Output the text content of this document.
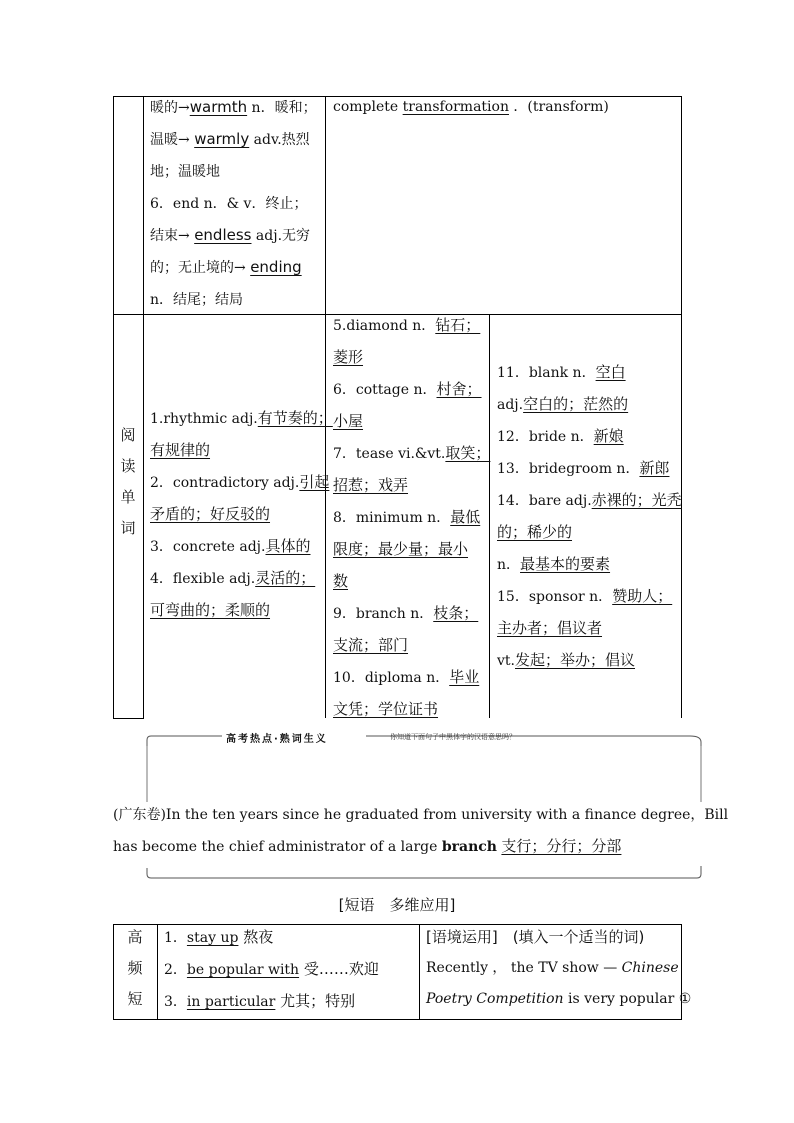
暖的→warmth n．暖和；
温暖→ warmly adv.热烈
地；温暖地
6．end n．& v．终止；
结束→ endless adj.无穷
的；无止境的→ ending
n．结尾；结局
complete transformation ．(transform)
阅
读
单
词
1.rhythmic adj.有节奏的；
有规律的
2．contradictory adj.引起
矛盾的；好反驳的
3．concrete adj.具体的
4．flexible adj.灵活的；
可弯曲的；柔顺的
5.diamond n．钻石；
菱形
6．cottage n．村舍；
小屋
7．tease vi.&vt.取笑；
招惹；戏弄
8．minimum n．最低
限度；最少量；最小
数
9．branch n．枝条；
支流；部门
10．diploma n．毕业
文凭；学位证书
11．blank n．空白
adj.空白的；茫然的
12．bride n．新娘
13．bridegroom n．新郎
14．bare adj.赤裸的；光秃
的；稀少的
n．最基本的要素
15．sponsor n．赞助人；
主办者；倡议者
vt.发起；举办；倡议
高考热点·熟词生义	你知道下面句子中黑体字的汉语意思吗？
(广东卷)In the ten years since he graduated from university with a finance degree，Bill
has become the chief administrator of a large branch 支行；分行；分部
[短语　多维应用]
高
频
短
1．stay up 熬夜
2．be popular with 受……欢迎
3．in particular 尤其；特别
[语境运用]　(填入一个适当的词)
Recently ， the TV show — Chinese
Poetry Competition is very popular ①
